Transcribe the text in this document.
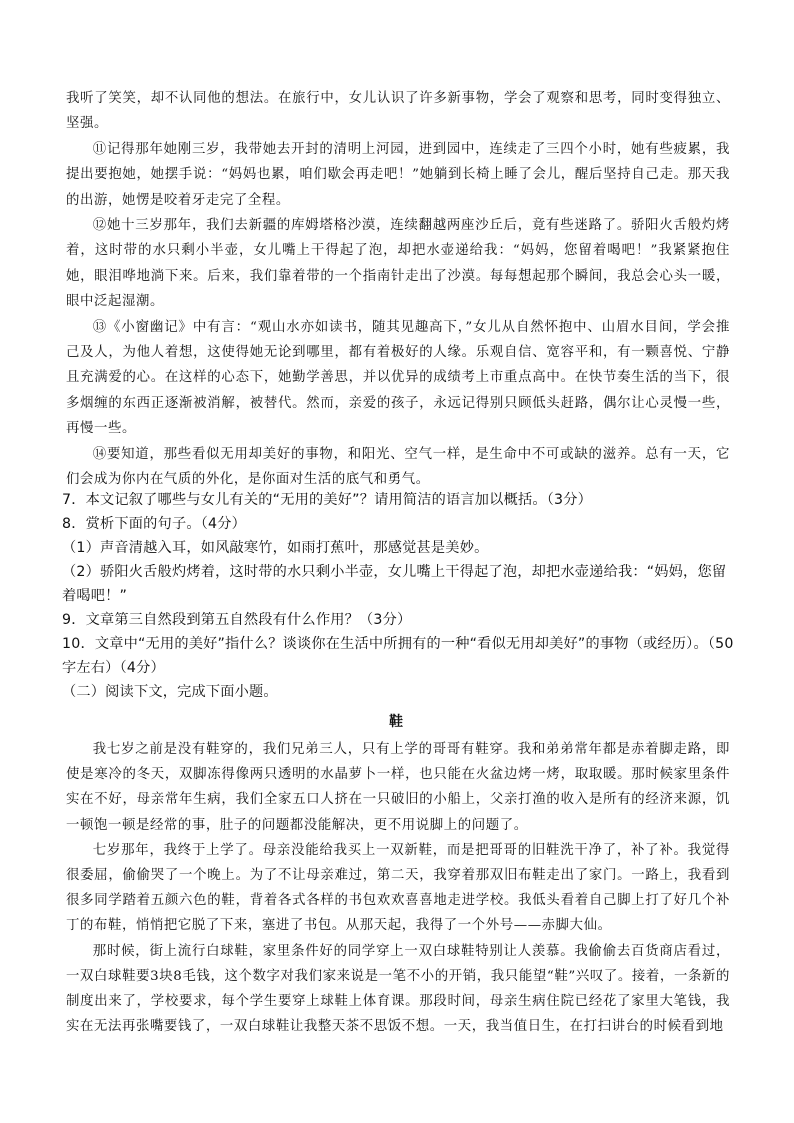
我听了笑笑，却不认同他的想法。在旅行中，女儿认识了许多新事物，学会了观察和思考，同时变得独立、坚强。

⑪记得那年她刚三岁，我带她去开封的清明上河园，进到园中，连续走了三四个小时，她有些疲累，我提出要抱她，她摆手说：“妈妈也累，咱们歇会再走吧！”她躺到长椅上睡了会儿，醒后坚持自己走。那天我的出游，她愣是咬着牙走完了全程。

⑫她十三岁那年，我们去新疆的库姆塔格沙漠，连续翻越两座沙丘后，竟有些迷路了。骄阳火舌般灼烤着，这时带的水只剩小半壶，女儿嘴上干得起了泡，却把水壶递给我：“妈妈，您留着喝吧！”我紧紧抱住她，眼泪哗地淌下来。后来，我们靠着带的一个指南针走出了沙漠。每每想起那个瞬间，我总会心头一暖，眼中泛起湿潮。

⑬《小窗幽记》中有言：“观山水亦如读书，随其见趣高下，”女儿从自然怀抱中、山眉水目间，学会推己及人，为他人着想，这使得她无论到哪里，都有着极好的人缘。乐观自信、宽容平和，有一颗喜悦、宁静且充满爱的心。在这样的心态下，她勤学善思，并以优异的成绩考上市重点高中。在快节奏生活的当下，很多烟缠的东西正逐渐被消解，被替代。然而，亲爱的孩子，永远记得别只顾低头赶路，偶尔让心灵慢一些，再慢一些。

⑭要知道，那些看似无用却美好的事物，和阳光、空气一样，是生命中不可或缺的滋养。总有一天，它们会成为你内在气质的外化，是你面对生活的底气和勇气。

7．本文记叙了哪些与女儿有关的“无用的美好”？请用简洁的语言加以概括。（3分）

8．赏析下面的句子。（4分）

（1）声音清越入耳，如风敲寒竹，如雨打蕉叶，那感觉甚是美妙。

（2）骄阳火舌般灼烤着，这时带的水只剩小半壶，女儿嘴上干得起了泡，却把水壶递给我：“妈妈，您留着喝吧！”

9．文章第三自然段到第五自然段有什么作用？（3分）

10．文章中“无用的美好”指什么？谈谈你在生活中所拥有的一种“看似无用却美好”的事物（或经历）。（50字左右）（4分）

（二）阅读下文，完成下面小题。

鞋

我七岁之前是没有鞋穿的，我们兄弟三人，只有上学的哥哥有鞋穿。我和弟弟常年都是赤着脚走路，即使是寒冷的冬天，双脚冻得像两只透明的水晶萝卜一样，也只能在火盆边烤一烤，取取暖。那时候家里条件实在不好，母亲常年生病，我们全家五口人挤在一只破旧的小船上，父亲打渔的收入是所有的经济来源，饥一顿饱一顿是经常的事，肚子的问题都没能解决，更不用说脚上的问题了。

七岁那年，我终于上学了。母亲没能给我买上一双新鞋，而是把哥哥的旧鞋洗干净了，补了补。我觉得很委屈，偷偷哭了一个晚上。为了不让母亲难过，第二天，我穿着那双旧布鞋走出了家门。一路上，我看到很多同学踏着五颜六色的鞋，背着各式各样的书包欢欢喜喜地走进学校。我低头看着自己脚上打了好几个补丁的布鞋，悄悄把它脱了下来，塞进了书包。从那天起，我得了一个外号——赤脚大仙。

那时候，街上流行白球鞋，家里条件好的同学穿上一双白球鞋特别让人羡慕。我偷偷去百货商店看过，一双白球鞋要3块8毛钱，这个数字对我们家来说是一笔不小的开销，我只能望“鞋”兴叹了。接着，一条新的制度出来了，学校要求，每个学生要穿上球鞋上体育课。那段时间，母亲生病住院已经花了家里大笔钱，我实在无法再张嘴要钱了，一双白球鞋让我整天茶不思饭不想。一天，我当值日生，在打扫讲台的时候看到地
